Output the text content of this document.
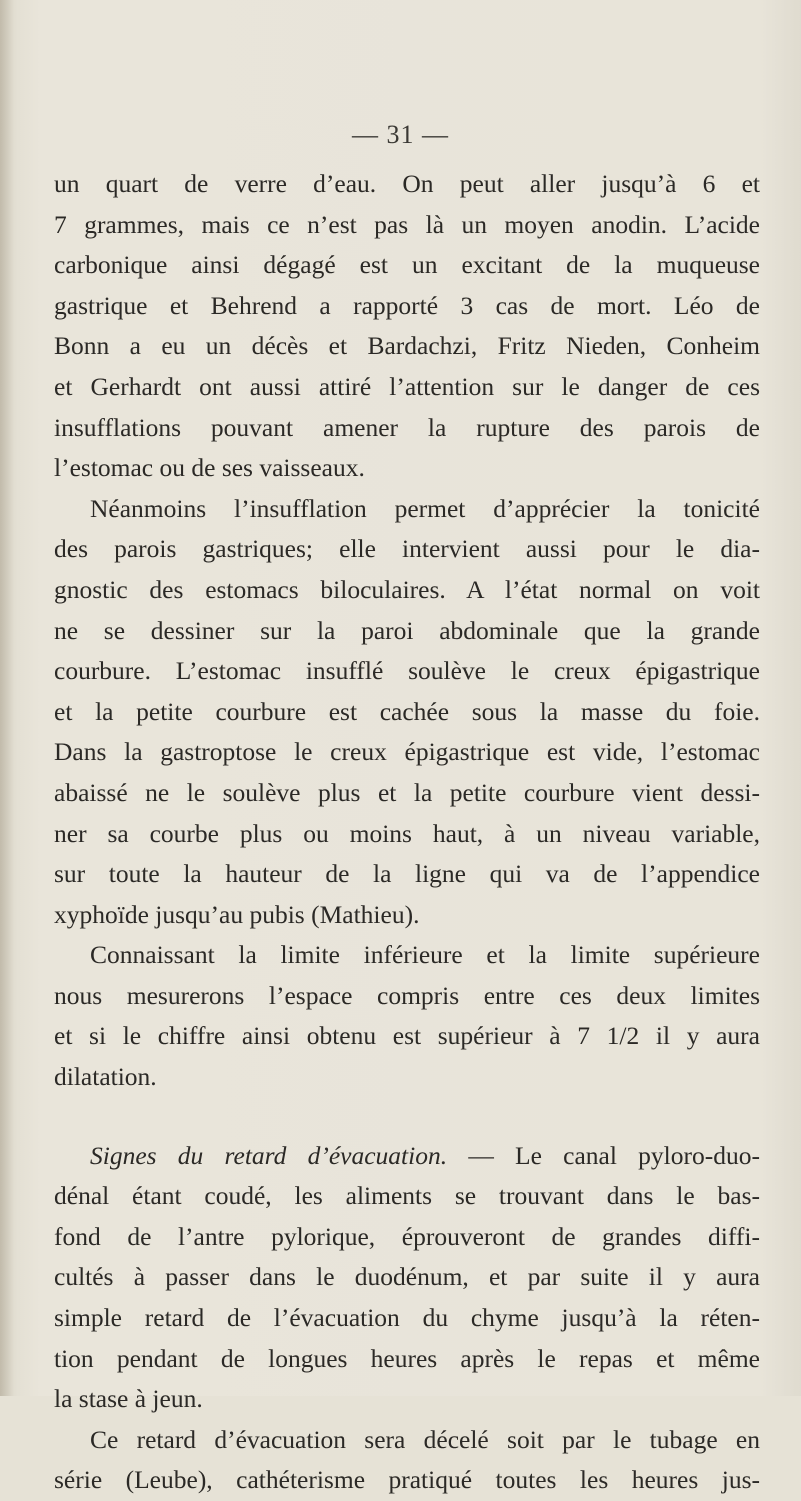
— 31 —
un quart de verre d’eau. On peut aller jusqu’à 6 et
7 grammes, mais ce n’est pas là un moyen anodin. L’acide
carbonique ainsi dégagé est un excitant de la muqueuse
gastrique et Behrend a rapporté 3 cas de mort. Léo de
Bonn a eu un décès et Bardachzi, Fritz Nieden, Conheim
et Gerhardt ont aussi attiré l’attention sur le danger de ces
insufflations pouvant amener la rupture des parois de
l’estomac ou de ses vaisseaux.
Néanmoins l’insufflation permet d’apprécier la tonicité
des parois gastriques; elle intervient aussi pour le dia-
gnostic des estomacs biloculaires. A l’état normal on voit
ne se dessiner sur la paroi abdominale que la grande
courbure. L’estomac insufflé soulève le creux épigastrique
et la petite courbure est cachée sous la masse du foie.
Dans la gastroptose le creux épigastrique est vide, l’estomac
abaissé ne le soulève plus et la petite courbure vient dessi-
ner sa courbe plus ou moins haut, à un niveau variable,
sur toute la hauteur de la ligne qui va de l’appendice
xyphoïde jusqu’au pubis (Mathieu).
Connaissant la limite inférieure et la limite supérieure
nous mesurerons l’espace compris entre ces deux limites
et si le chiffre ainsi obtenu est supérieur à 7 1/2 il y aura
dilatation.
Signes du retard d’évacuation. — Le canal pyloro-duo-
dénal étant coudé, les aliments se trouvant dans le bas-
fond de l’antre pylorique, éprouveront de grandes diffi-
cultés à passer dans le duodénum, et par suite il y aura
simple retard de l’évacuation du chyme jusqu’à la réten-
tion pendant de longues heures après le repas et même
la stase à jeun.
Ce retard d’évacuation sera décelé soit par le tubage en
série (Leube), cathéterisme pratiqué toutes les heures jus-
